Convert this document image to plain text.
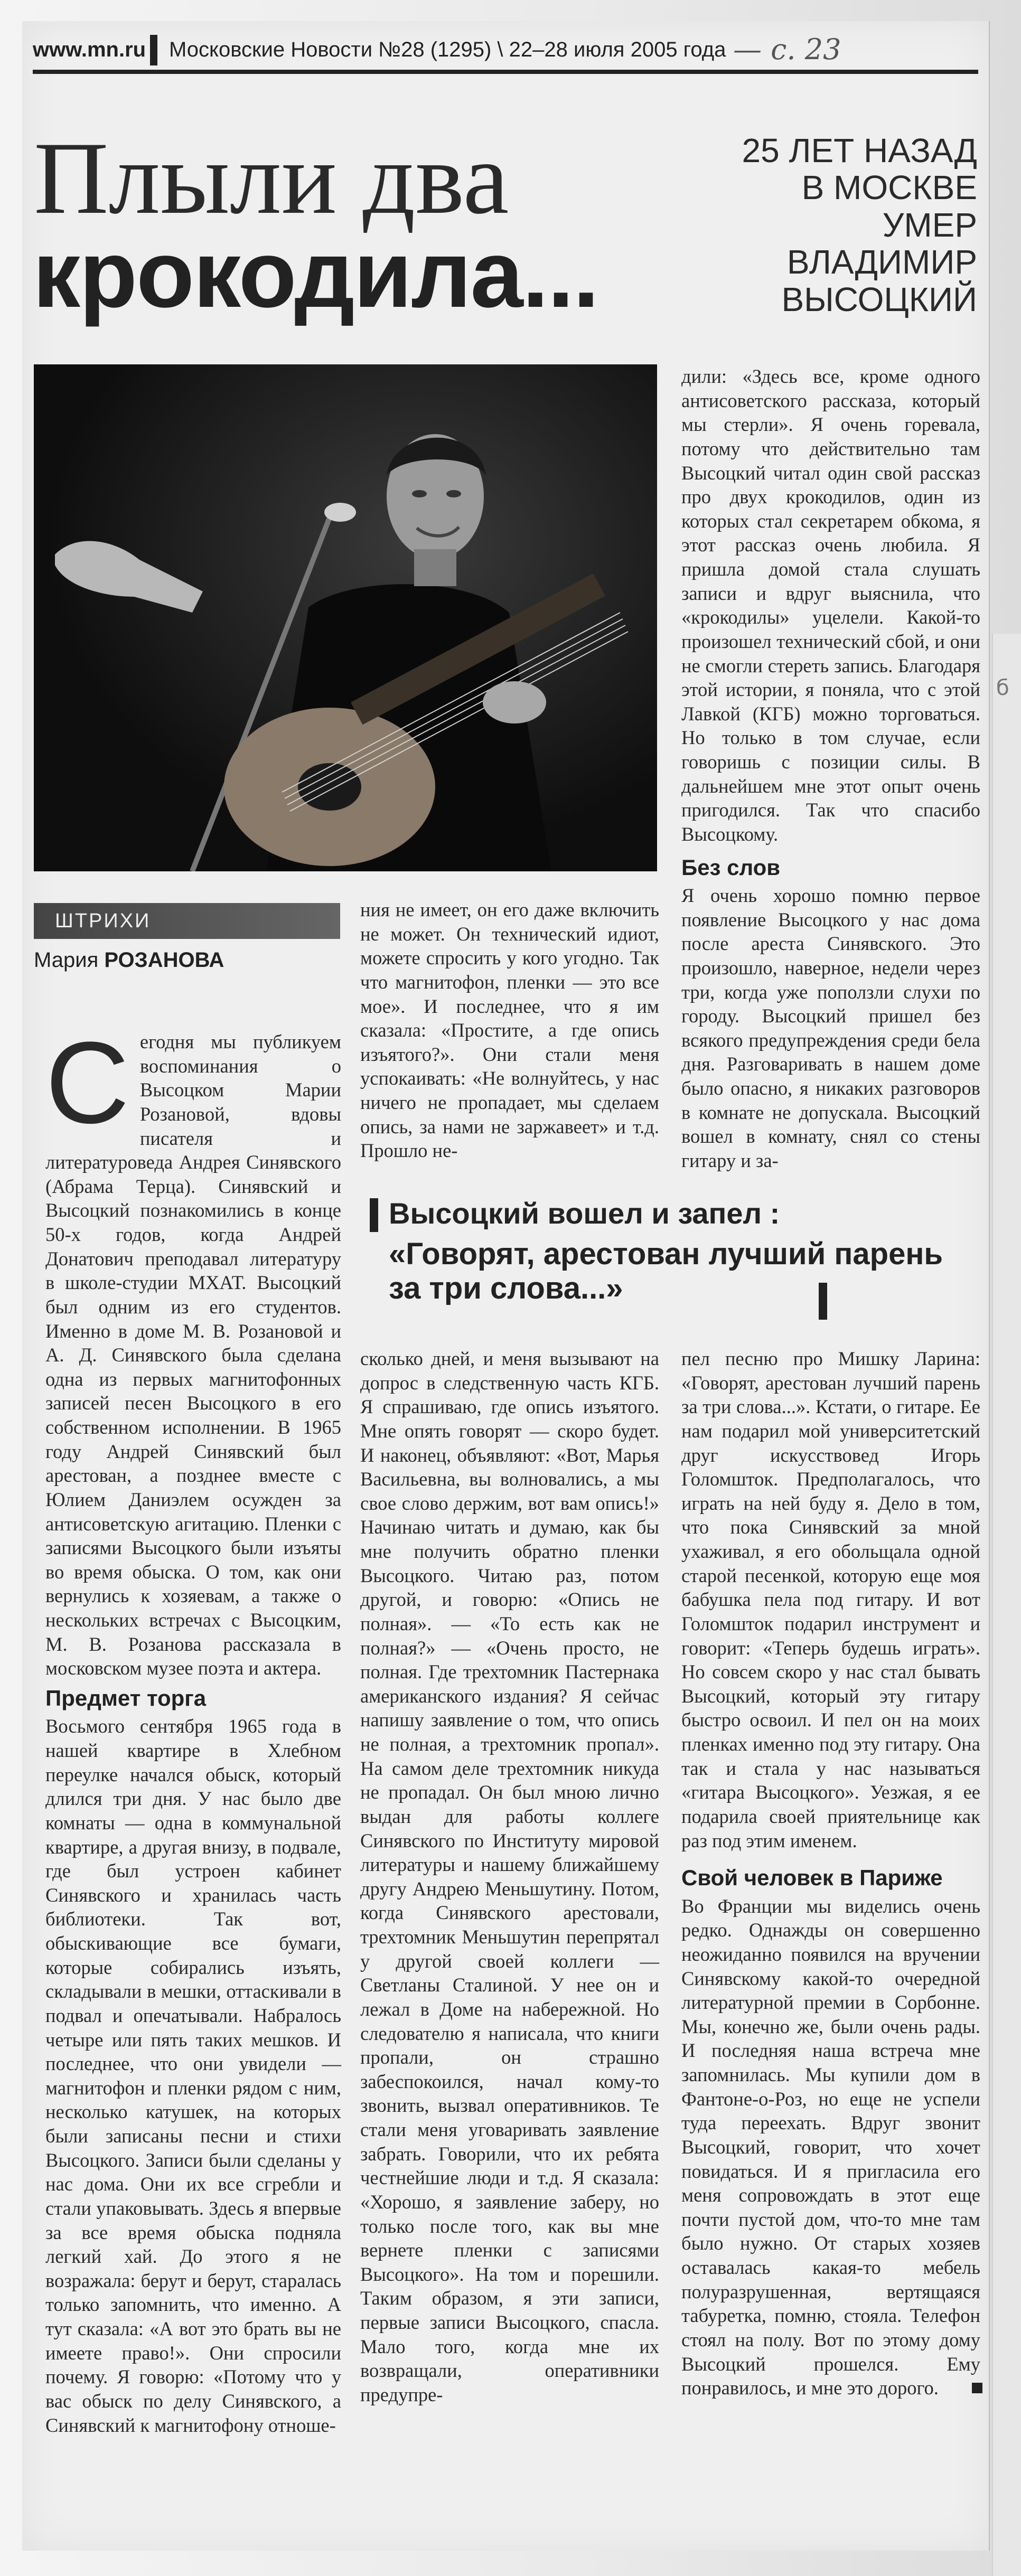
б
www.mn.ru Московские Новости №28 (1295) \ 22–28 июля 2005 года — с. 23
Плыли два
крокодила...
25 ЛЕТ НАЗАД
В МОСКВЕ
УМЕР
ВЛАДИМИР
ВЫСОЦКИЙ
ШТРИХИ
Мария РОЗАНОВА
С егодня мы публикуем воспоминания о Высоцком Марии Розановой, вдовы писателя и литературоведа Андрея Синявского (Абрама Терца). Синявский и Высоцкий познакомились в конце 50-х годов, когда Андрей Донатович преподавал литературу в школе-студии МХАТ. Высоцкий был одним из его студентов. Именно в доме М. В. Розановой и А. Д. Синявского была сделана одна из первых магнитофонных записей песен Высоцкого в его собственном исполнении. В 1965 году Андрей Синявский был арестован, а позднее вместе с Юлием Даниэлем осужден за антисоветскую агитацию. Пленки с записями Высоцкого были изъяты во время обыска. О том, как они вернулись к хозяевам, а также о нескольких встречах с Высоцким, М. В. Розанова рассказала в московском музее поэта и актера.

Предмет торга

Восьмого сентября 1965 года в нашей квартире в Хлебном переулке начался обыск, который длился три дня. У нас было две комнаты — одна в коммунальной квартире, а другая внизу, в подвале, где был устроен кабинет Синявского и хранилась часть библиотеки. Так вот, обыскивающие все бумаги, которые собирались изъять, складывали в мешки, оттаскивали в подвал и опечатывали. Набралось четыре или пять таких мешков. И последнее, что они увидели — магнитофон и пленки рядом с ним, несколько катушек, на которых были записаны песни и стихи Высоцкого. Записи были сделаны у нас дома. Они их все сгребли и стали упаковывать. Здесь я впервые за все время обыска подняла легкий хай. До этого я не возражала: берут и берут, старалась только запомнить, что именно. А тут сказала: «А вот это брать вы не имеете право!». Они спросили почему. Я говорю: «Потому что у вас обыск по делу Синявского, а Синявский к магнитофону отноше-

ния не имеет, он его даже включить не может. Он технический идиот, можете спросить у кого угодно. Так что магнитофон, пленки — это все мое». И последнее, что я им сказала: «Простите, а где опись изъятого?». Они стали меня успокаивать: «Не волнуйтесь, у нас ничего не пропадает, мы сделаем опись, за нами не заржавеет» и т.д. Прошло не-

Высоцкий вошел и запел :
«Говорят, арестован лучший парень за три слова...»

сколько дней, и меня вызывают на допрос в следственную часть КГБ. Я спрашиваю, где опись изъятого. Мне опять говорят — скоро будет. И наконец, объявляют: «Вот, Марья Васильевна, вы волновались, а мы свое слово держим, вот вам опись!» Начинаю читать и думаю, как бы мне получить обратно пленки Высоцкого. Читаю раз, потом другой, и говорю: «Опись не полная». — «То есть как не полная?» — «Очень просто, не полная. Где трехтомник Пастернака американского издания? Я сейчас напишу заявление о том, что опись не полная, а трехтомник пропал». На самом деле трехтомник никуда не пропадал. Он был мною лично выдан для работы коллеге Синявского по Институту мировой литературы и нашему ближайшему другу Андрею Меньшутину. Потом, когда Синявского арестовали, трехтомник Меньшутин перепрятал у другой своей коллеги — Светланы Сталиной. У нее он и лежал в Доме на набережной. Но следователю я написала, что книги пропали, он страшно забеспокоился, начал кому-то звонить, вызвал оперативников. Те стали меня уговаривать заявление забрать. Говорили, что их ребята честнейшие люди и т.д. Я сказала: «Хорошо, я заявление заберу, но только после того, как вы мне вернете пленки с записями Высоцкого». На том и порешили. Таким образом, я эти записи, первые записи Высоцкого, спасла. Мало того, когда мне их возвращали, оперативники предупре-

дили: «Здесь все, кроме одного антисоветского рассказа, который мы стерли». Я очень горевала, потому что действительно там Высоцкий читал один свой рассказ про двух крокодилов, один из которых стал секретарем обкома, я этот рассказ очень любила. Я пришла домой стала слушать записи и вдруг выяснила, что «крокодилы» уцелели. Какой-то произошел технический сбой, и они не смогли стереть запись. Благодаря этой истории, я поняла, что с этой Лавкой (КГБ) можно торговаться. Но только в том случае, если говоришь с позиции силы. В дальнейшем мне этот опыт очень пригодился. Так что спасибо Высоцкому.

Без слов

Я очень хорошо помню первое появление Высоцкого у нас дома после ареста Синявского. Это произошло, наверное, недели через три, когда уже поползли слухи по городу. Высоцкий пришел без всякого предупреждения среди бела дня. Разговаривать в нашем доме было опасно, я никаких разговоров в комнате не допускала. Высоцкий вошел в комнату, снял со стены гитару и за-

пел песню про Мишку Ларина: «Говорят, арестован лучший парень за три слова...». Кстати, о гитаре. Ее нам подарил мой университетский друг искусствовед Игорь Голомшток. Предполагалось, что играть на ней буду я. Дело в том, что пока Синявский за мной ухаживал, я его обольщала одной старой песенкой, которую еще моя бабушка пела под гитару. И вот Голомшток подарил инструмент и говорит: «Теперь будешь играть». Но совсем скоро у нас стал бывать Высоцкий, который эту гитару быстро освоил. И пел он на моих пленках именно под эту гитару. Она так и стала у нас называться «гитара Высоцкого». Уезжая, я ее подарила своей приятельнице как раз под этим именем.

Свой человек в Париже

Во Франции мы виделись очень редко. Однажды он совершенно неожиданно появился на вручении Синявскому какой-то очередной литературной премии в Сорбонне. Мы, конечно же, были очень рады. И последняя наша встреча мне запомнилась. Мы купили дом в Фантоне-о-Роз, но еще не успели туда переехать. Вдруг звонит Высоцкий, говорит, что хочет повидаться. И я пригласила его меня сопровождать в этот еще почти пустой дом, что-то мне там было нужно. От старых хозяев оставалась какая-то мебель полуразрушенная, вертящаяся табуретка, помню, стояла. Телефон стоял на полу. Вот по этому дому Высоцкий прошелся. Ему понравилось, и мне это дорого.
